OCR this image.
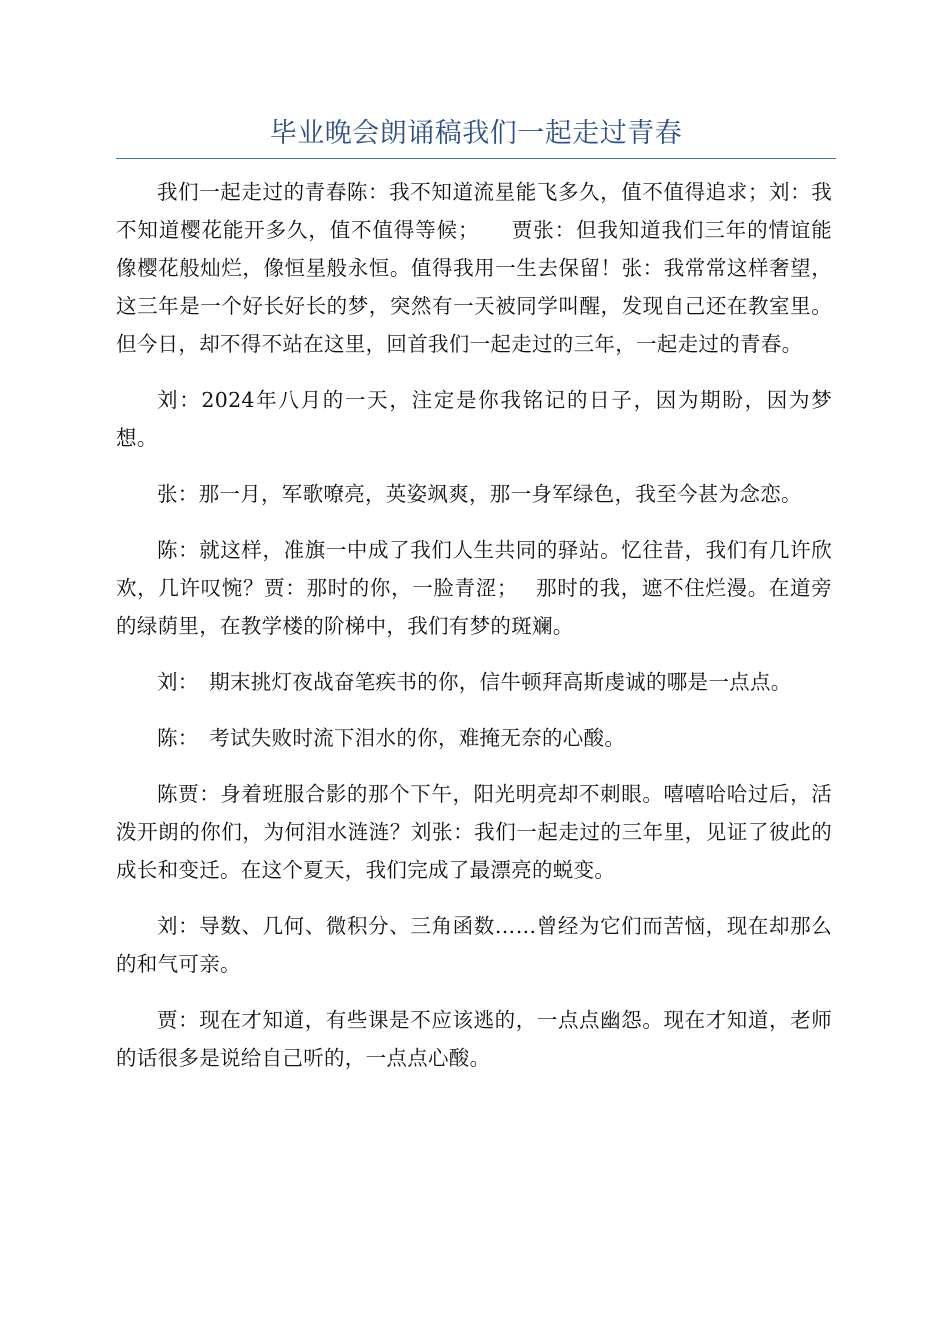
毕业晚会朗诵稿我们一起走过青春

我们一起走过的青春陈：我不知道流星能飞多久，值不值得追求；刘：我不知道樱花能开多久，值不值得等候；　　贾张：但我知道我们三年的情谊能像樱花般灿烂，像恒星般永恒。值得我用一生去保留！张：我常常这样奢望，这三年是一个好长好长的梦，突然有一天被同学叫醒，发现自己还在教室里。但今日，却不得不站在这里，回首我们一起走过的三年，一起走过的青春。

刘：2024年八月的一天，注定是你我铭记的日子，因为期盼，因为梦想。

张：那一月，军歌嘹亮，英姿飒爽，那一身军绿色，我至今甚为念恋。

陈：就这样，准旗一中成了我们人生共同的驿站。忆往昔，我们有几许欣欢，几许叹惋？贾：那时的你，一脸青涩；　 那时的我，遮不住烂漫。在道旁的绿荫里，在教学楼的阶梯中，我们有梦的斑斓。

刘：　期末挑灯夜战奋笔疾书的你，信牛顿拜高斯虔诚的哪是一点点。

陈：　考试失败时流下泪水的你，难掩无奈的心酸。

陈贾：身着班服合影的那个下午，阳光明亮却不刺眼。嘻嘻哈哈过后，活泼开朗的你们，为何泪水涟涟？刘张：我们一起走过的三年里，见证了彼此的成长和变迁。在这个夏天，我们完成了最漂亮的蜕变。

刘：导数、几何、微积分、三角函数……曾经为它们而苦恼，现在却那么的和气可亲。

贾：现在才知道，有些课是不应该逃的，一点点幽怨。现在才知道，老师的话很多是说给自己听的，一点点心酸。
